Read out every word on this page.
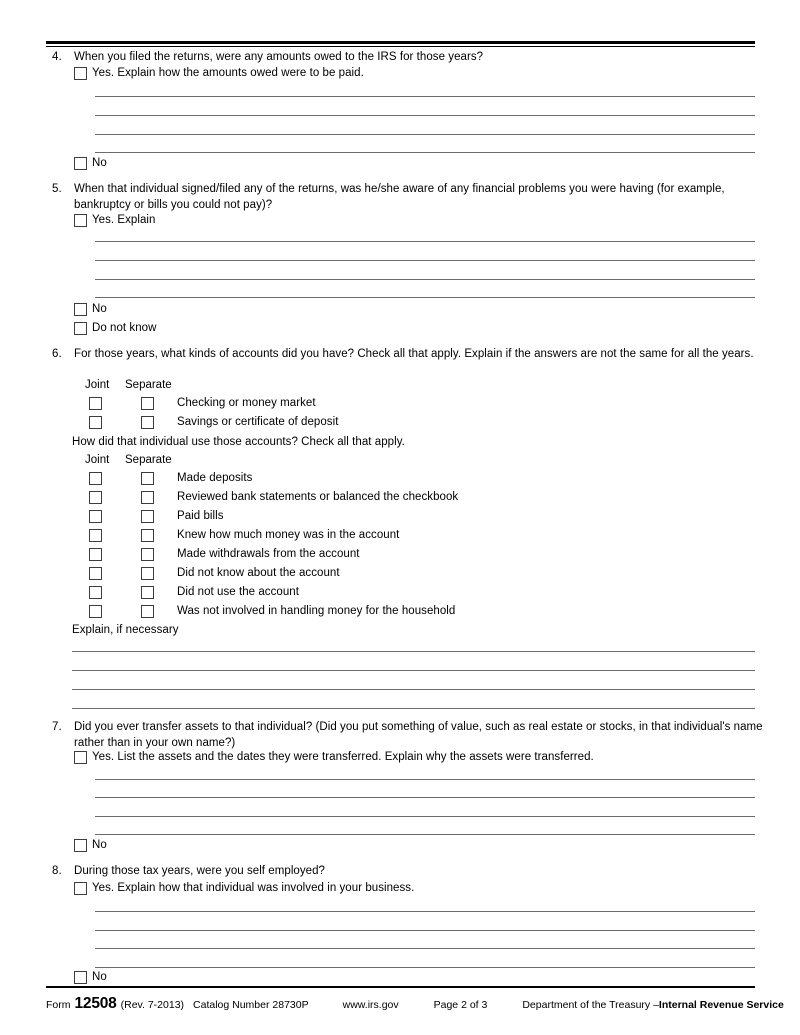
4. When you filed the returns, were any amounts owed to the IRS for those years?
Yes. Explain how the amounts owed were to be paid.
No
5. When that individual signed/filed any of the returns, was he/she aware of any financial problems you were having (for example, bankruptcy or bills you could not pay)?
Yes. Explain
No
Do not know
6. For those years, what kinds of accounts did you have? Check all that apply. Explain if the answers are not the same for all the years.
Joint Separate
Checking or money market
Savings or certificate of deposit
How did that individual use those accounts? Check all that apply.
Joint Separate
Made deposits
Reviewed bank statements or balanced the checkbook
Paid bills
Knew how much money was in the account
Made withdrawals from the account
Did not know about the account
Did not use the account
Was not involved in handling money for the household
Explain, if necessary
7. Did you ever transfer assets to that individual? (Did you put something of value, such as real estate or stocks, in that individual's name rather than in your own name?)
Yes. List the assets and the dates they were transferred. Explain why the assets were transferred.
No
8. During those tax years, were you self employed?
Yes. Explain how that individual was involved in your business.
No
Form 12508 (Rev. 7-2013) Catalog Number 28730P	www.irs.gov	Page 2 of 3	Department of the Treasury –Internal Revenue Service
